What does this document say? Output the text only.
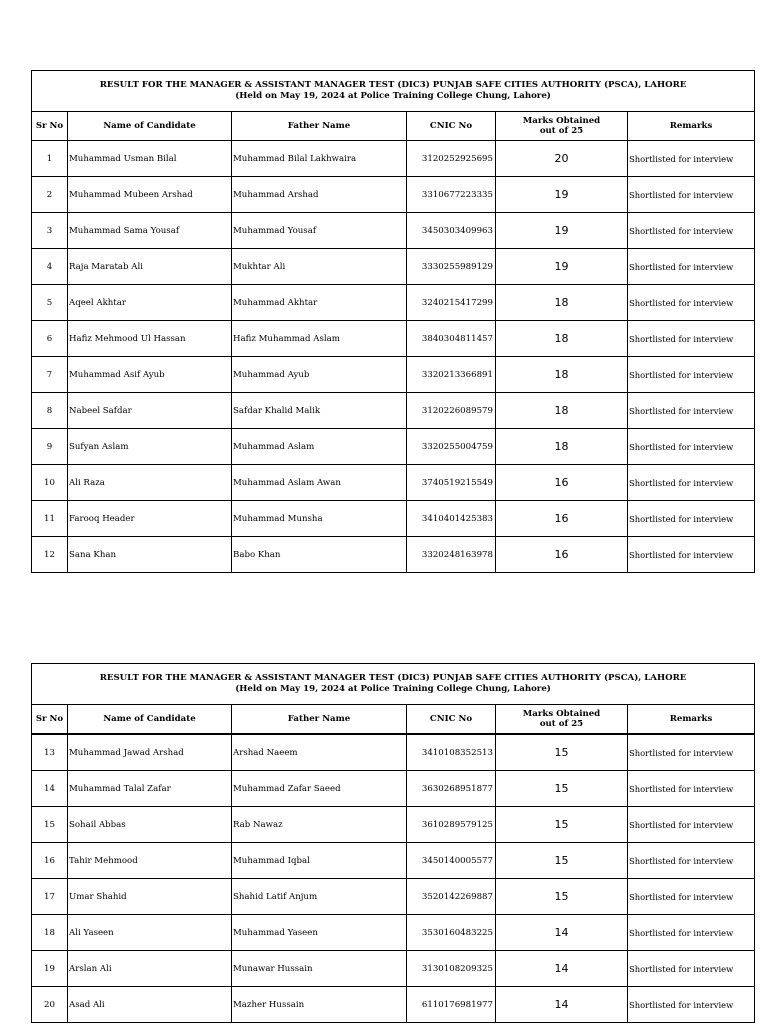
RESULT FOR THE MANAGER & ASSISTANT MANAGER TEST (DIC3) PUNJAB SAFE CITIES AUTHORITY (PSCA), LAHORE
(Held on May 19, 2024 at Police Training College Chung, Lahore)					

Sr No	Name of Candidate	Father Name	CNIC No	Marks Obtained
out of 25	Remarks
1	Muhammad Usman Bilal	Muhammad Bilal Lakhwaira	3120252925695	20	Shortlisted for interview
2	Muhammad Mubeen Arshad	Muhammad Arshad	3310677223335	19	Shortlisted for interview
3	Muhammad Sama Yousaf	Muhammad Yousaf	3450303409963	19	Shortlisted for interview
4	Raja Maratab Ali	Mukhtar Ali	3330255989129	19	Shortlisted for interview
5	Aqeel Akhtar	Muhammad Akhtar	3240215417299	18	Shortlisted for interview
6	Hafiz Mehmood Ul Hassan	Hafiz Muhammad Aslam	3840304811457	18	Shortlisted for interview
7	Muhammad Asif Ayub	Muhammad Ayub	3320213366891	18	Shortlisted for interview
8	Nabeel Safdar	Safdar Khalid Malik	3120226089579	18	Shortlisted for interview
9	Sufyan Aslam	Muhammad Aslam	3320255004759	18	Shortlisted for interview
10	Ali Raza	Muhammad Aslam Awan	3740519215549	16	Shortlisted for interview
11	Farooq Header	Muhammad Munsha	3410401425383	16	Shortlisted for interview
12	Sana Khan	Babo Khan	3320248163978	16	Shortlisted for interview
RESULT FOR THE MANAGER & ASSISTANT MANAGER TEST (DIC3) PUNJAB SAFE CITIES AUTHORITY (PSCA), LAHORE
(Held on May 19, 2024 at Police Training College Chung, Lahore)					

Sr No	Name of Candidate	Father Name	CNIC No	Marks Obtained
out of 25	Remarks
13	Muhammad Jawad Arshad	Arshad Naeem	3410108352513	15	Shortlisted for interview
14	Muhammad Talal Zafar	Muhammad Zafar Saeed	3630268951877	15	Shortlisted for interview
15	Sohail Abbas	Rab Nawaz	3610289579125	15	Shortlisted for interview
16	Tahir Mehmood	Muhammad Iqbal	3450140005577	15	Shortlisted for interview
17	Umar Shahid	Shahid Latif Anjum	3520142269887	15	Shortlisted for interview
18	Ali Yaseen	Muhammad Yaseen	3530160483225	14	Shortlisted for interview
19	Arslan Ali	Munawar Hussain	3130108209325	14	Shortlisted for interview
20	Asad Ali	Mazher Hussain	6110176981977	14	Shortlisted for interview
